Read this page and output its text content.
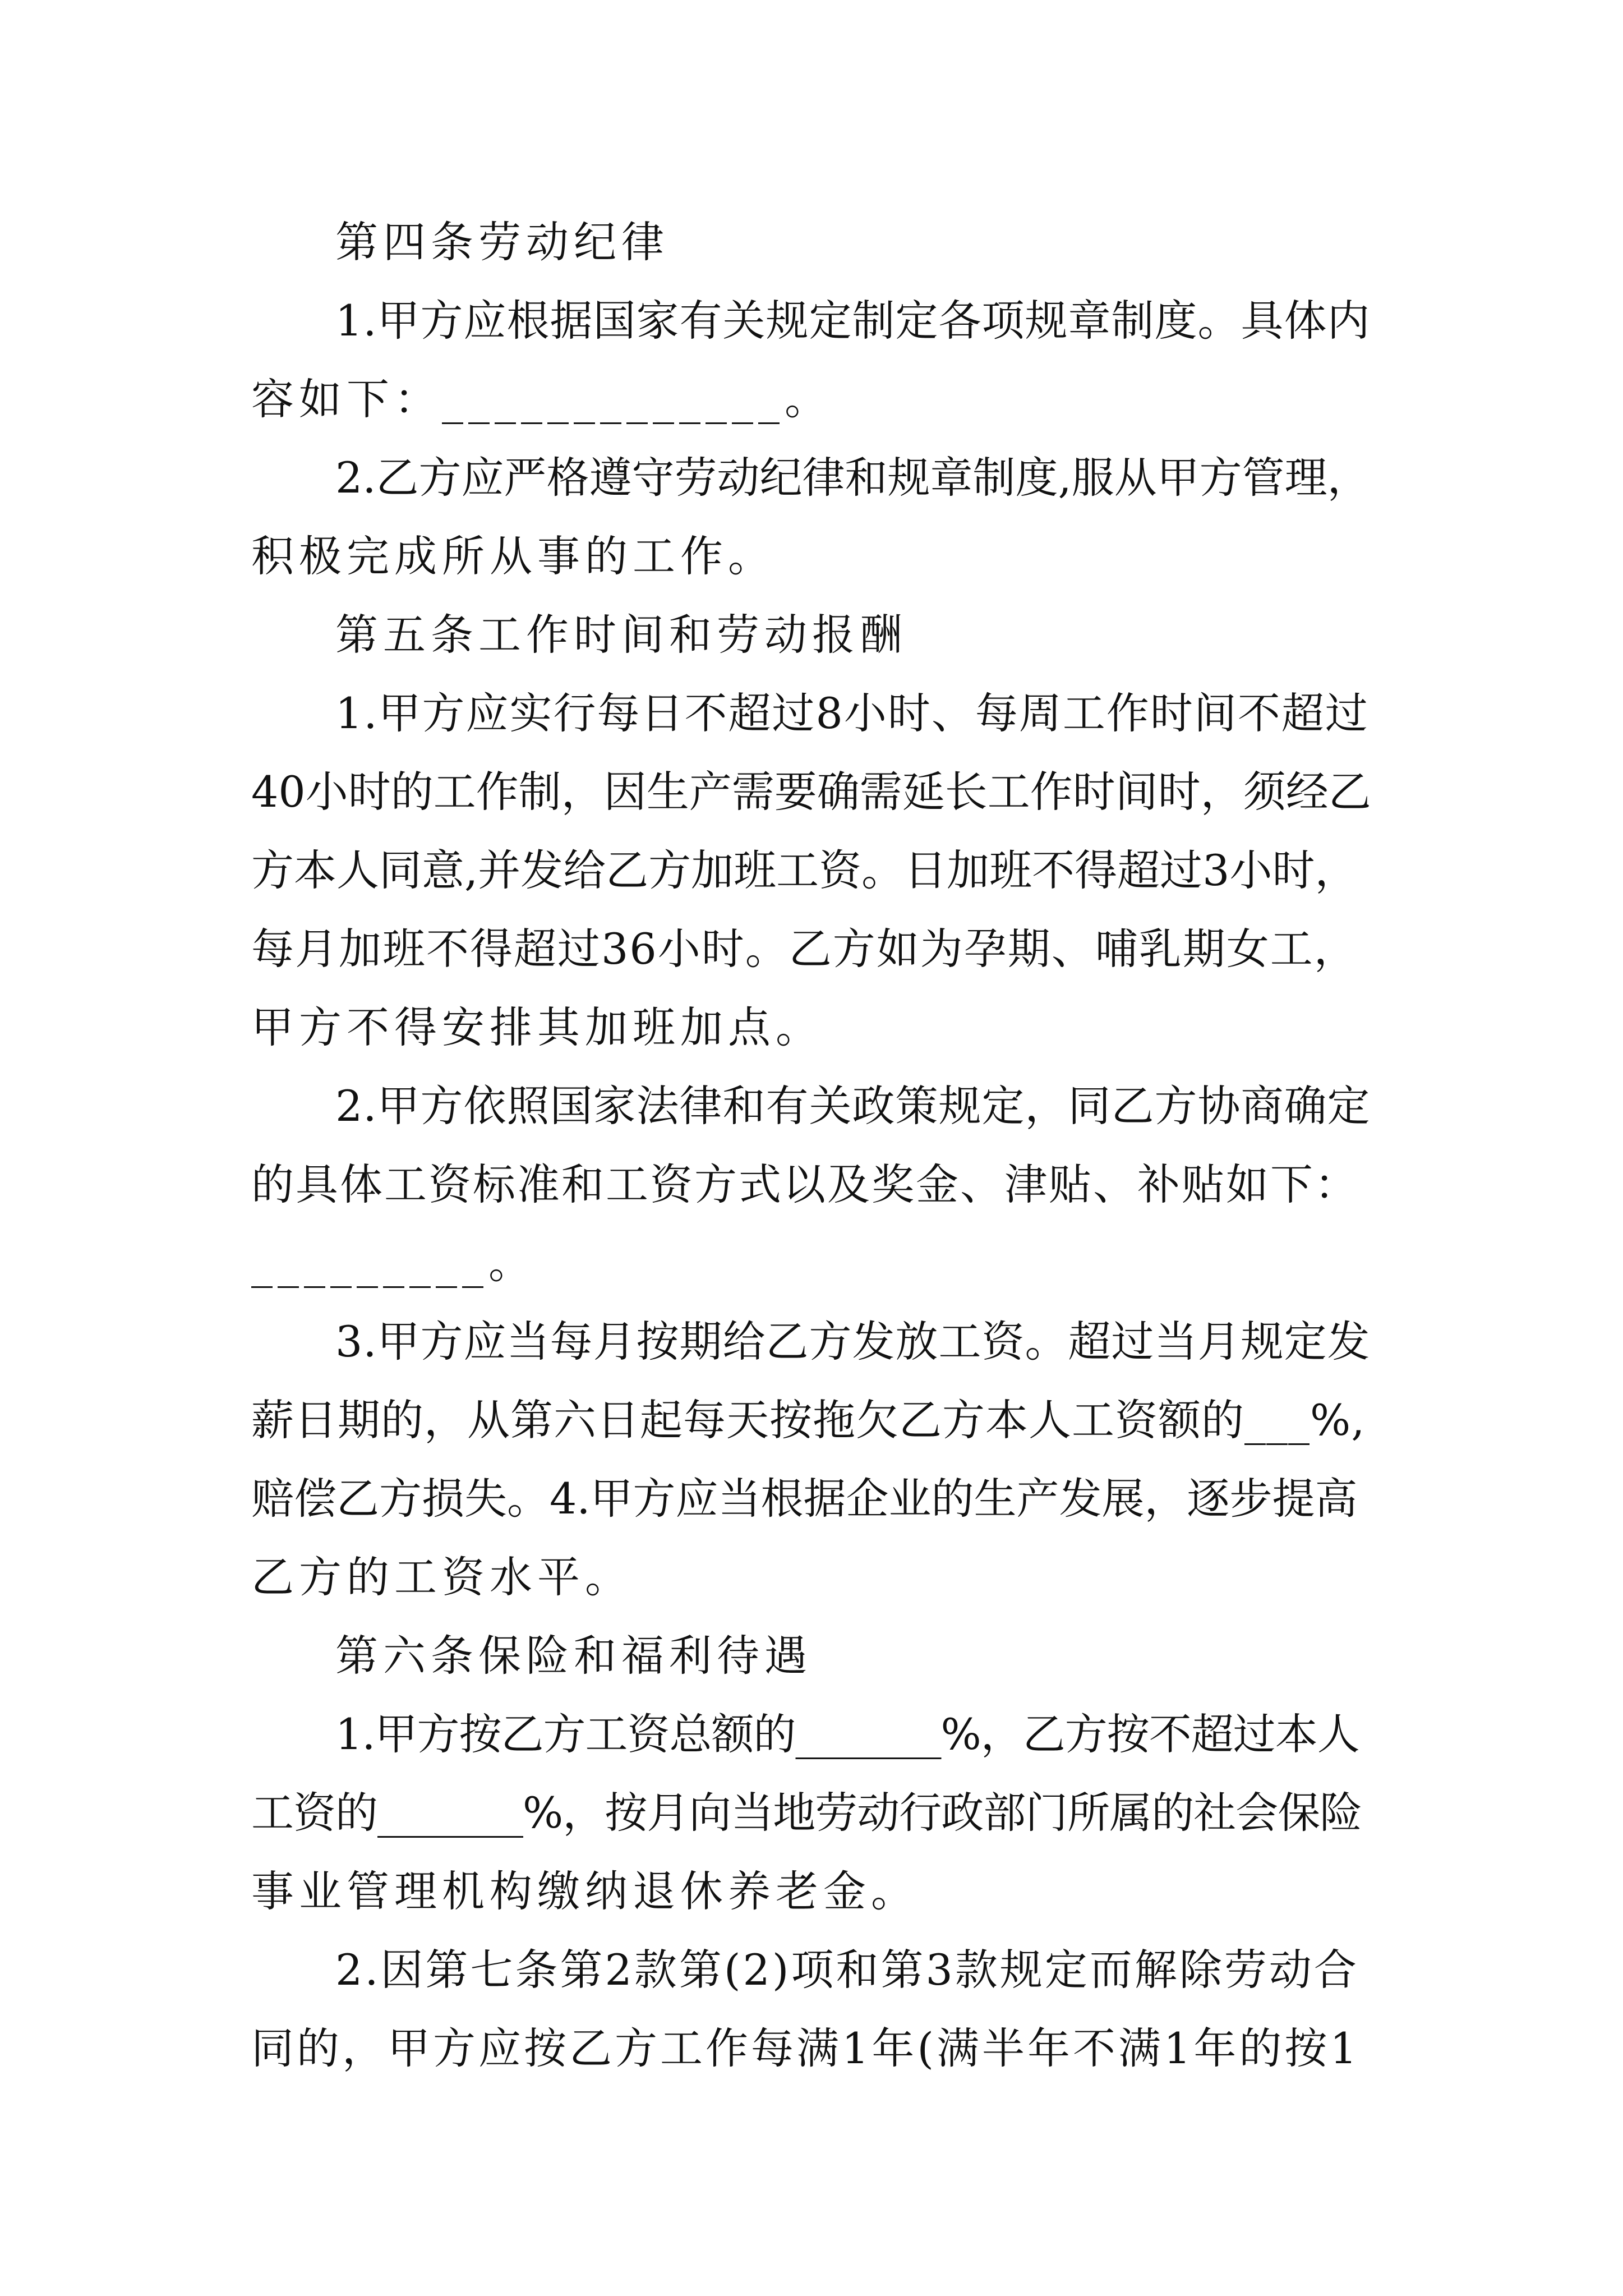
第四条劳动纪律
1.甲方应根据国家有关规定制定各项规章制度。具体内
容如下：_____________。
2.乙方应严格遵守劳动纪律和规章制度,服从甲方管理，
积极完成所从事的工作。
第五条工作时间和劳动报酬
1.甲方应实行每日不超过8小时、每周工作时间不超过
40小时的工作制，因生产需要确需延长工作时间时，须经乙
方本人同意,并发给乙方加班工资。日加班不得超过3小时，
每月加班不得超过36小时。乙方如为孕期、哺乳期女工，
甲方不得安排其加班加点。
2.甲方依照国家法律和有关政策规定，同乙方协商确定
的具体工资标准和工资方式以及奖金、津贴、补贴如下：
_________。
3.甲方应当每月按期给乙方发放工资。超过当月规定发
薪日期的，从第六日起每天按拖欠乙方本人工资额的___%,
赔偿乙方损失。4.甲方应当根据企业的生产发展，逐步提高
乙方的工资水平。
第六条保险和福利待遇
1.甲方按乙方工资总额的_______%，乙方按不超过本人
工资的_______%，按月向当地劳动行政部门所属的社会保险
事业管理机构缴纳退休养老金。
2.因第七条第2款第(2)项和第3款规定而解除劳动合
同的，甲方应按乙方工作每满1年(满半年不满1年的按1
